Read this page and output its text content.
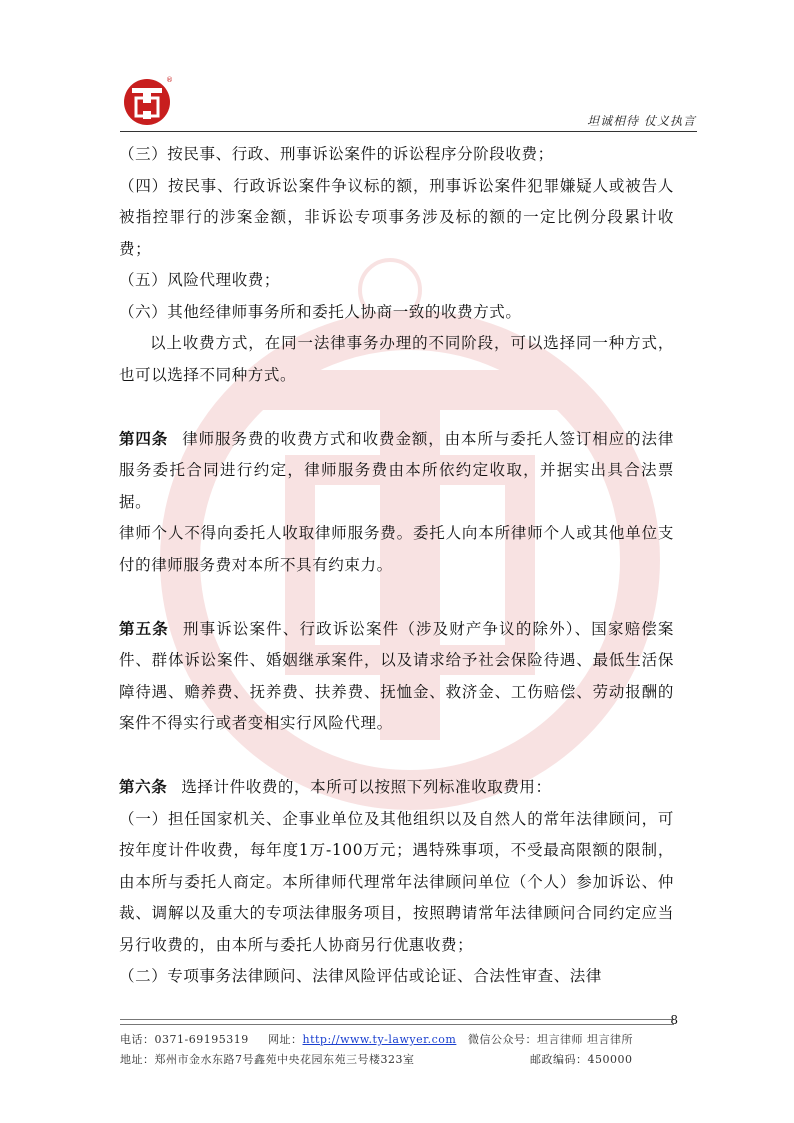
®
坦诚相待 仗义执言

（三）按民事、行政、刑事诉讼案件的诉讼程序分阶段收费；

（四）按民事、行政诉讼案件争议标的额，刑事诉讼案件犯罪嫌疑人或被告人被指控罪行的涉案金额，非诉讼专项事务涉及标的额的一定比例分段累计收费；

（五）风险代理收费；

（六）其他经律师事务所和委托人协商一致的收费方式。

以上收费方式，在同一法律事务办理的不同阶段，可以选择同一种方式，也可以选择不同种方式。

第四条 律师服务费的收费方式和收费金额，由本所与委托人签订相应的法律服务委托合同进行约定，律师服务费由本所依约定收取，并据实出具合法票据。

律师个人不得向委托人收取律师服务费。委托人向本所律师个人或其他单位支付的律师服务费对本所不具有约束力。

第五条 刑事诉讼案件、行政诉讼案件（涉及财产争议的除外）、国家赔偿案件、群体诉讼案件、婚姻继承案件，以及请求给予社会保险待遇、最低生活保障待遇、赡养费、抚养费、扶养费、抚恤金、救济金、工伤赔偿、劳动报酬的案件不得实行或者变相实行风险代理。

第六条 选择计件收费的，本所可以按照下列标准收取费用：

（一）担任国家机关、企事业单位及其他组织以及自然人的常年法律顾问，可按年度计件收费，每年度1万-100万元；遇特殊事项，不受最高限额的限制，由本所与委托人商定。本所律师代理常年法律顾问单位（个人）参加诉讼、仲裁、调解以及重大的专项法律服务项目，按照聘请常年法律顾问合同约定应当另行收费的，由本所与委托人协商另行优惠收费；

（二）专项事务法律顾问、法律风险评估或论证、合法性审查、法律

8
电话：0371-69195319 网址：http://www.ty-lawyer.com 微信公众号：坦言律师 坦言律所
地址：郑州市金水东路7号鑫苑中央花园东苑三号楼323室	邮政编码：450000
